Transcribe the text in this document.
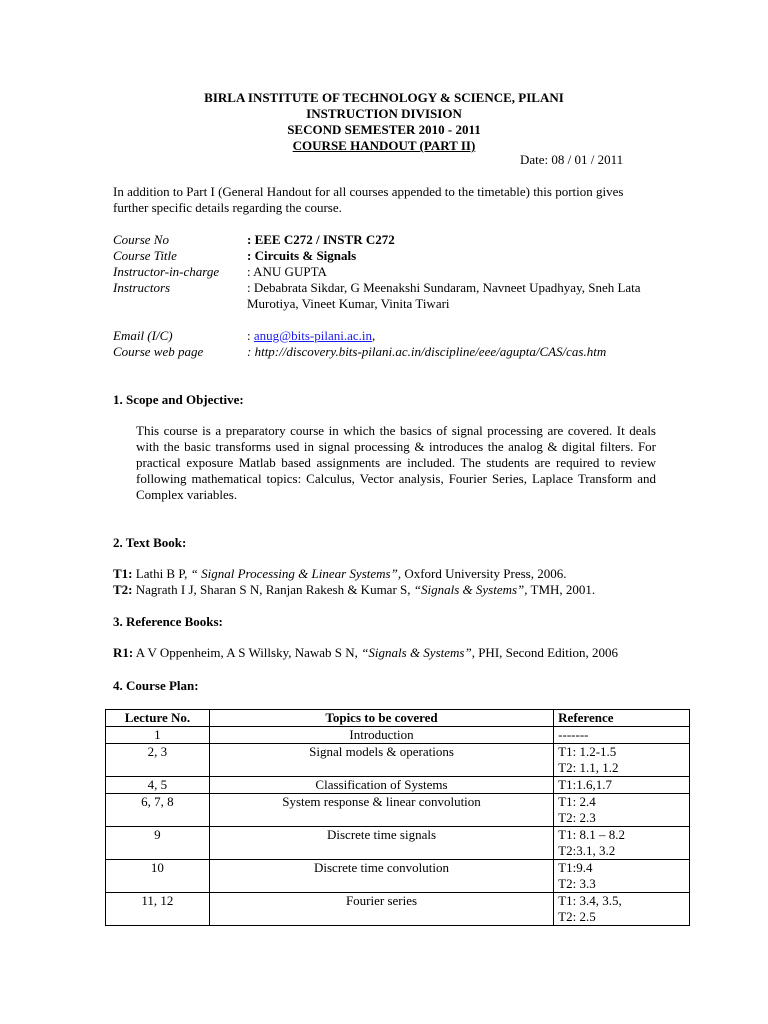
BIRLA INSTITUTE OF TECHNOLOGY & SCIENCE, PILANI
INSTRUCTION DIVISION
SECOND SEMESTER 2010 - 2011
COURSE HANDOUT (PART II)
Date: 08 / 01 / 2011
In addition to Part I (General Handout for all courses appended to the timetable) this portion gives further specific details regarding the course.
Course No	: EEE C272 / INSTR C272
Course Title	: Circuits & Signals
Instructor-in-charge : ANU GUPTA
Instructors	: Debabrata Sikdar, G Meenakshi Sundaram, Navneet Upadhyay, Sneh Lata Murotiya, Vineet Kumar, Vinita Tiwari
Email (I/C)	: anug@bits-pilani.ac.in,
Course web page	: http://discovery.bits-pilani.ac.in/discipline/eee/agupta/CAS/cas.htm
1. Scope and Objective:
This course is a preparatory course in which the basics of signal processing are covered. It deals with the basic transforms used in signal processing & introduces the analog & digital filters. For practical exposure Matlab based assignments are included. The students are required to review following mathematical topics: Calculus, Vector analysis, Fourier Series, Laplace Transform and Complex variables.
2. Text Book:
T1: Lathi B P, “ Signal Processing & Linear Systems”, Oxford University Press, 2006.
T2: Nagrath I J, Sharan S N, Ranjan Rakesh & Kumar S, “Signals & Systems”, TMH, 2001.
3. Reference Books:
R1: A V Oppenheim, A S Willsky, Nawab S N, “Signals & Systems”, PHI, Second Edition, 2006
4. Course Plan:
Lecture No.	Topics to be covered	Reference
1	Introduction	-------
2, 3	Signal models & operations	T1: 1.2-1.5
T2: 1.1, 1.2
4, 5	Classification of Systems	T1:1.6,1.7
6, 7, 8	System response & linear convolution	T1: 2.4
T2: 2.3
9	Discrete time signals	T1: 8.1 – 8.2
T2:3.1, 3.2
10	Discrete time convolution	T1:9.4
T2: 3.3
11, 12	Fourier series	T1: 3.4, 3.5,
T2: 2.5
